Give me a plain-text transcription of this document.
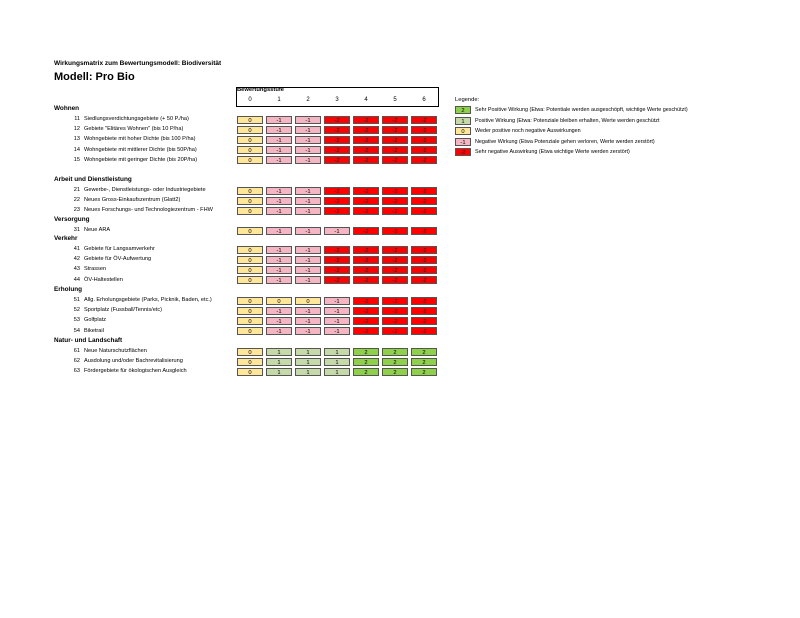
Wirkungsmatrix zum Bewertungsmodell: Biodiversität
Modell: Pro Bio
Bewertungsstufe
0	1	2	3	4	5	6
Wohnen
11 Siedlungsverdichtungsgebiete (+ 50 P./ha)	0	-1	-1	-2	-2	-2	-2
12 Gebiete "Elitäres Wohnen" (bis 10 P/ha)	0	-1	-1	-2	-2	-2	-2
13 Wohngebiete mit hoher Dichte (bis 100 P/ha)	0	-1	-1	-2	-2	-2	-2
14 Wohngebiete mit mittlerer Dichte (bis 50P/ha)	0	-1	-1	-2	-2	-2	-2
15 Wohngebiete mit geringer Dichte (bis 20P/ha)	0	-1	-1	-2	-2	-2	-2
Arbeit und Dienstleistung
21 Gewerbe-, Dienstleistungs- oder Industriegebiete	0	-1	-1	-2	-2	-2	-2
22 Neues Gross-Einkaufszentrum (Glatt2)	0	-1	-1	-2	-2	-2	-2
23 Neues Forschungs- und Technologiezentrum - FHW	0	-1	-1	-2	-2	-2	-2
Versorgung
31 Neue ARA	0	-1	-1	-1	-2	-2	-2
Verkehr
41 Gebiete für Langsamverkehr	0	-1	-1	-2	-2	-2	-2
42 Gebiete für ÖV-Aufwertung	0	-1	-1	-2	-2	-2	-2
43 Strassen	0	-1	-1	-2	-2	-2	-2
44 ÖV-Haltestellen	0	-1	-1	-2	-2	-2	-2
Erholung
51 Allg. Erholungsgebiete (Parks, Picknik, Baden, etc.)	0	0	0	-1	-2	-2	-2
52 Sportplatz (Fussball/Tennis/etc)	0	-1	-1	-1	-2	-2	-2
53 Golfplatz	0	-1	-1	-1	-2	-2	-2
54 Biketrail	0	-1	-1	-1	-2	-2	-2
Natur- und Landschaft
61 Neue Naturschutzflächen	0	1	1	1	2	2	2
62 Ausdolung und/oder Bachrevitalisierung	0	1	1	1	2	2	2
63 Fördergebiete für ökologischen Ausgleich	0	1	1	1	2	2	2
Legende:
2	Sehr Positive Wirkung (Etwa: Potentiale werden ausgeschöpft, wichtige Werte geschützt)
1	Positive Wirkung (Etwa: Potenziale bleiben erhalten, Werte werden geschützt
0	Weder positive noch negative Auswirkungen
-1	Negative Wirkung (Etwa Potenziale gehen verloren, Werte werden zerstört)
-2	Sehr negative Auswirkung (Etwa wichtige Werte werden zerstört)
